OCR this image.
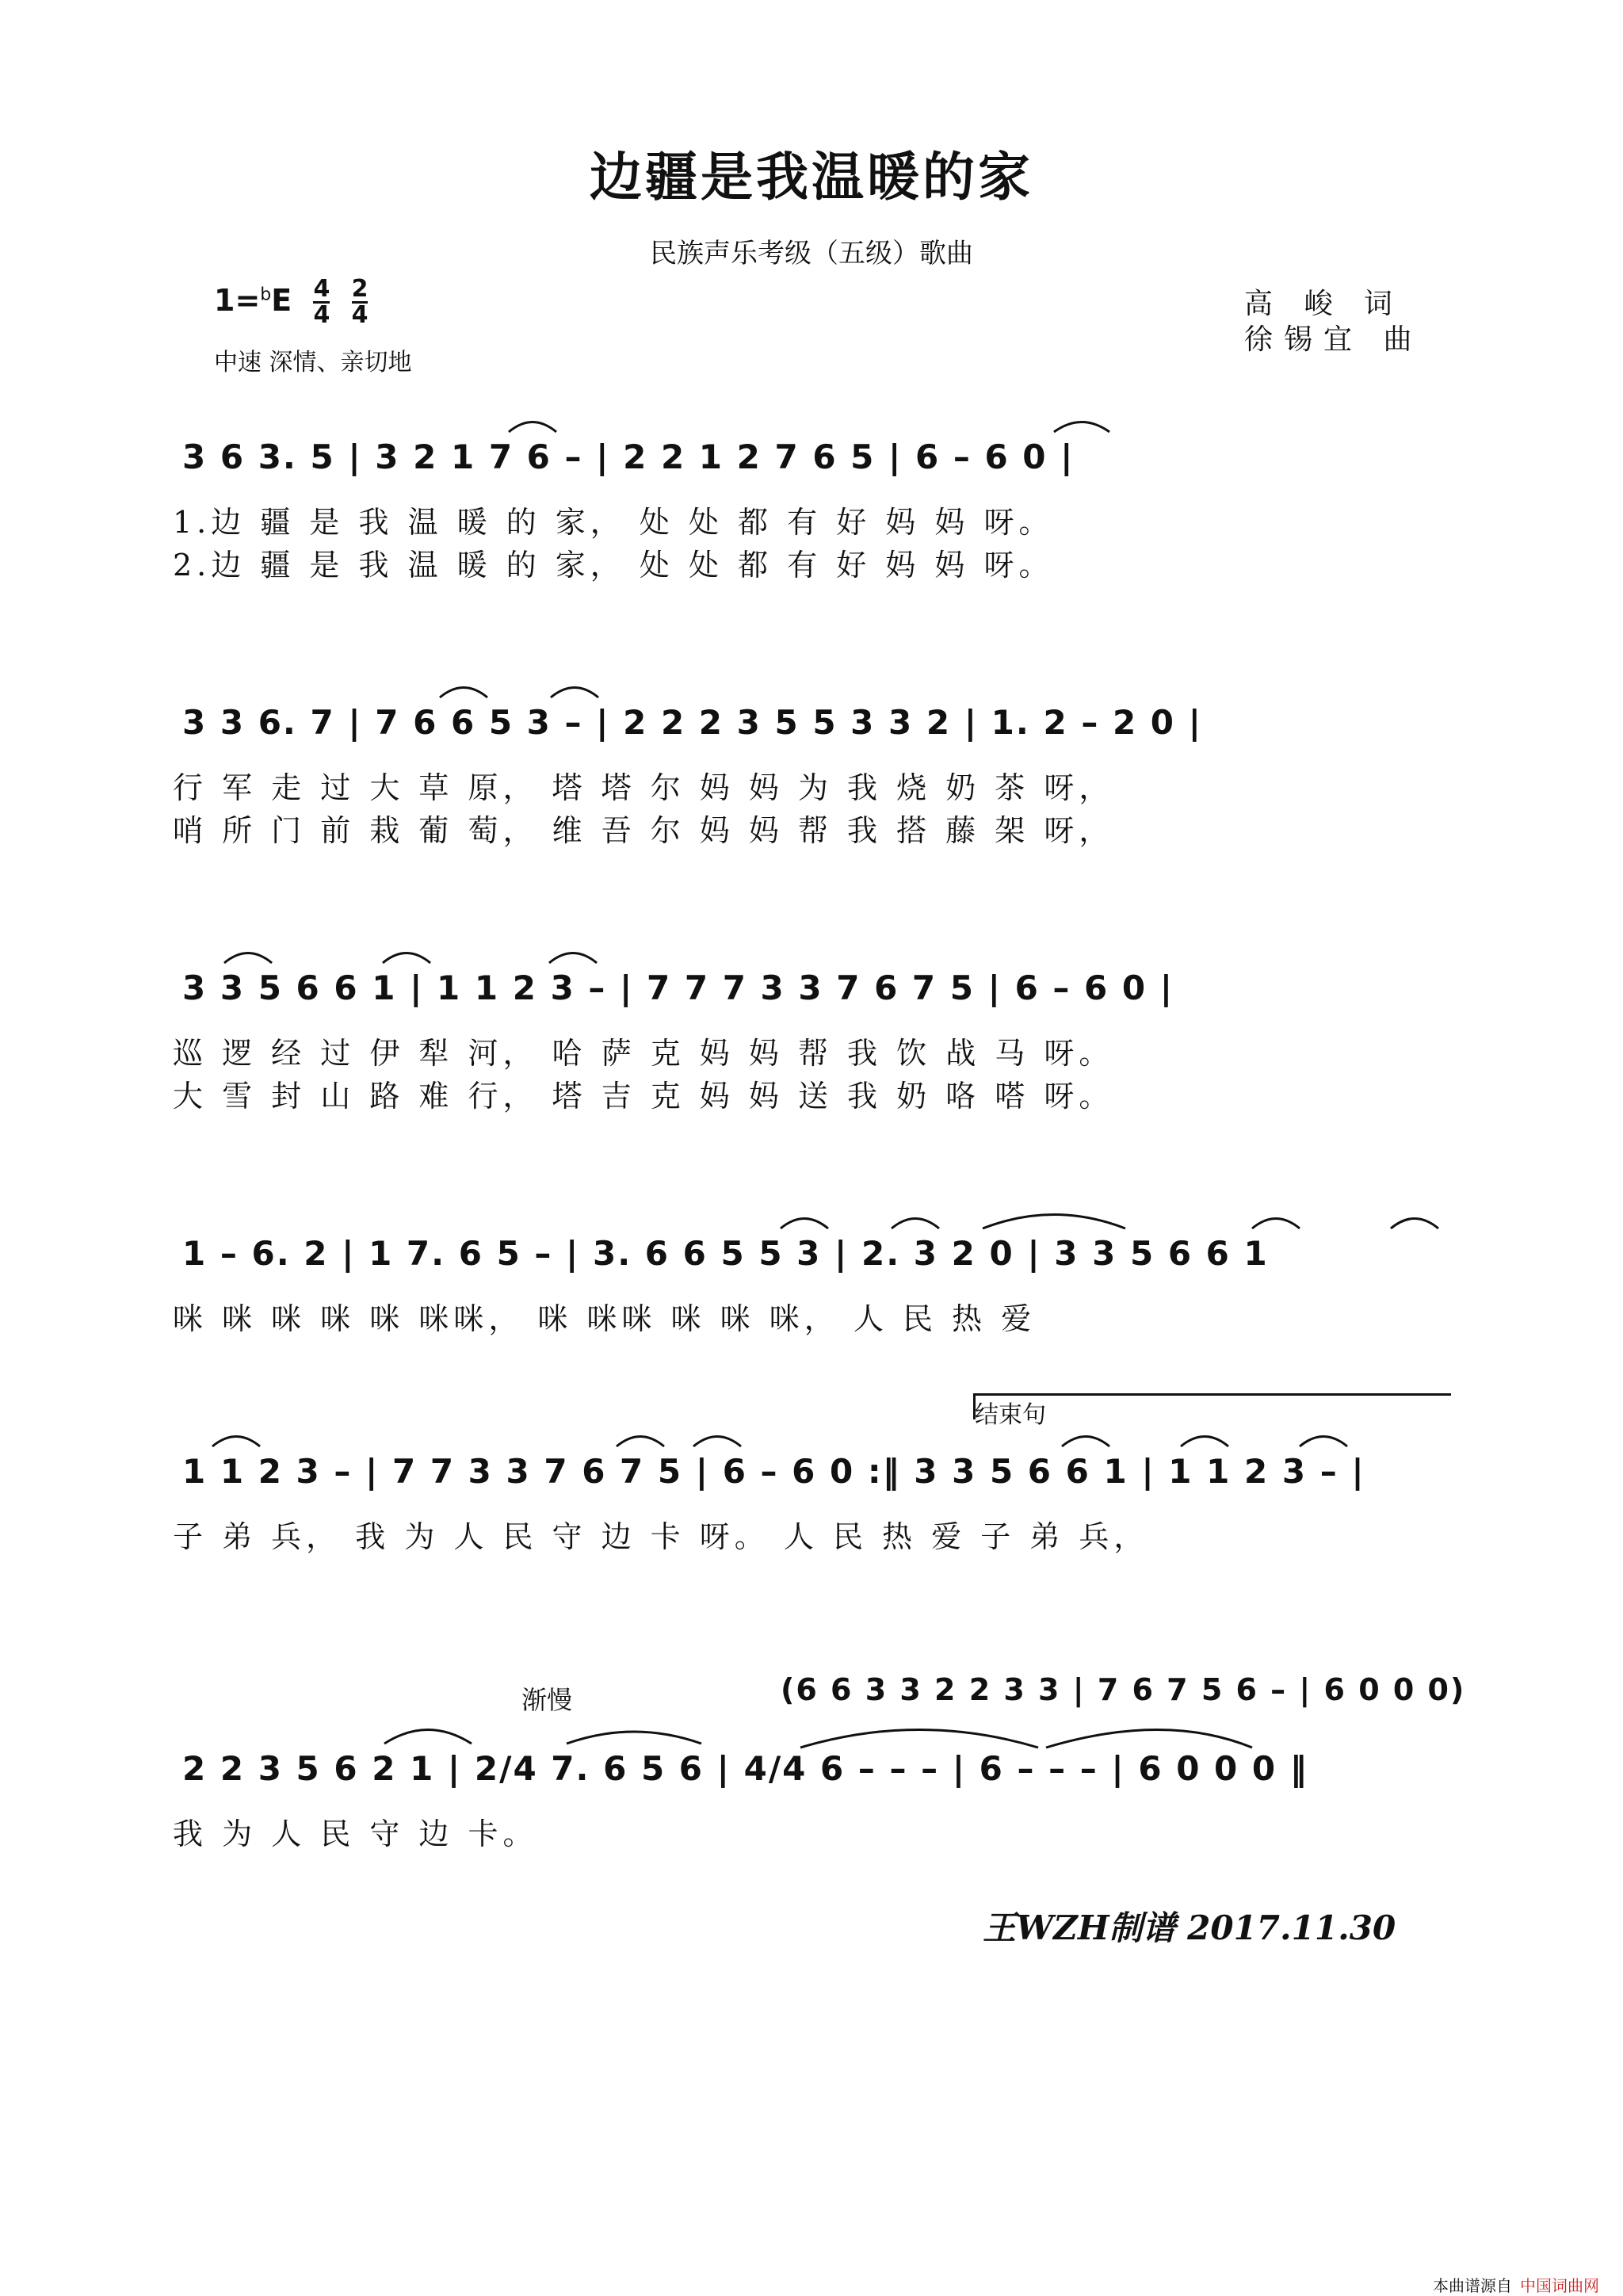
边疆是我温暖的家
民族声乐考级（五级）歌曲
$1=^bE \frac{4}{4}$
$\frac{2}{4}$
中速 深情、亲切地
高 峻 词
徐锡宜 曲
3 6 3. 5 | 3 2 1 7 6 – | 2 2 1 2 7 6 5 | 6 – 6 0 |
1.边 疆 是 我 温 暖 的 家， 处 处 都 有 好 妈 妈 呀。
2.边 疆 是 我 温 暖 的 家， 处 处 都 有 好 妈 妈 呀。
3 3 6. 7 | 7 6 6 5 3 – | 2 2 2 3 5 5 3 3 2 | 1. 2 – 2 0 |
行 军 走 过 大 草 原， 塔 塔 尔 妈 妈 为 我 烧 奶 茶 呀，
哨 所 门 前 栽 葡 萄， 维 吾 尔 妈 妈 帮 我 搭 藤 架 呀，
3 3 5 6 6 1 | 1 1 2 3 – | 7 7 7 3 3 7 6 7 5 | 6 – 6 0 |
巡 逻 经 过 伊 犁 河， 哈 萨 克 妈 妈 帮 我 饮 战 马 呀。
大 雪 封 山 路 难 行， 塔 吉 克 妈 妈 送 我 奶 咯 嗒 呀。
1 – 6. 2 | 1 7. 6 5 – | 3. 6 6 5 5 3 | 2. 3 2 0 | 3 3 5 6 6 1
咪 咪 咪 咪 咪 咪咪， 咪 咪咪 咪 咪 咪， 人 民 热 爱
结束句
1 1 2 3 – | 7 7 3 3 7 6 7 5 | 6 – 6 0 :‖ 3 3 5 6 6 1 | 1 1 2 3 – |
子 弟 兵， 我 为 人 民 守 边 卡 呀。 人 民 热 爱 子 弟 兵，
渐慢	(6 6 3 3 2 2 3 3 | 7 6 7 5 6 – | 6 0 0 0)
2 2 3 5 6 2 1 | 2/4 7. 6 5 6 | 4/4 6 – – – | 6 – – – | 6 0 0 0 ‖
我 为 人 民 守 边 卡。
王WZH制谱 2017.11.30
本曲谱源自 中国词曲网
